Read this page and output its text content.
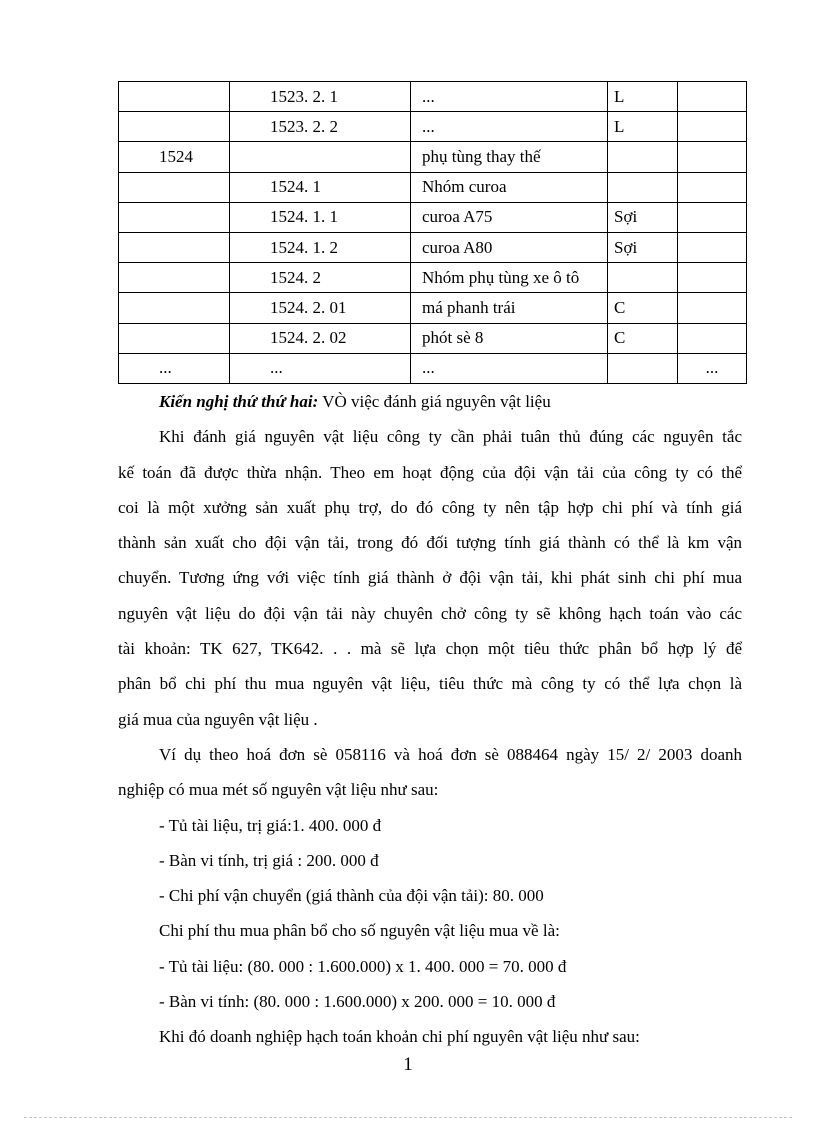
	1523. 2. 1	...	L	
	1523. 2. 2	...	L	
1524		phụ tùng thay thế		
	1524. 1	Nhóm curoa		
	1524. 1. 1	curoa A75	Sợi	
	1524. 1. 2	curoa A80	Sợi	
	1524. 2	Nhóm phụ tùng xe ô tô		
	1524. 2. 01	má phanh trái	C	
	1524. 2. 02	phót sè 8	C	
...	...	...		...
Kiến nghị thứ thứ hai: VÒ việc đánh giá nguyên vật liệu
Khi đánh giá nguyên vật liệu công ty cần phải tuân thủ đúng các nguyên tắc
kế toán đã được thừa nhận. Theo em hoạt động của đội vận tải của công ty có thể
coi là một xưởng sản xuất phụ trợ, do đó công ty nên tập hợp chi phí và tính giá
thành sản xuất cho đội vận tải, trong đó đối tượng tính giá thành có thể là km vận
chuyển. Tương ứng với việc tính giá thành ở đội vận tải, khi phát sinh chi phí mua
nguyên vật liệu do đội vận tải này chuyên chở công ty sẽ không hạch toán vào các
tài khoản: TK 627, TK642. . . mà sẽ lựa chọn một tiêu thức phân bổ hợp lý để
phân bổ chi phí thu mua nguyên vật liệu, tiêu thức mà công ty có thể lựa chọn là
giá mua của nguyên vật liệu .
Ví dụ theo hoá đơn sè 058116 và hoá đơn sè 088464 ngày 15/ 2/ 2003 doanh
nghiệp có mua mét số nguyên vật liệu như sau:
- Tủ tài liệu, trị giá:1. 400. 000 đ
- Bàn vi tính, trị giá : 200. 000 đ
- Chi phí vận chuyển (giá thành của đội vận tải): 80. 000
Chi phí thu mua phân bổ cho số nguyên vật liệu mua về là:
- Tủ tài liệu: (80. 000 : 1.600.000) x 1. 400. 000 = 70. 000 đ
- Bàn vi tính: (80. 000 : 1.600.000) x 200. 000 = 10. 000 đ
Khi đó doanh nghiệp hạch toán khoản chi phí nguyên vật liệu như sau:
1
